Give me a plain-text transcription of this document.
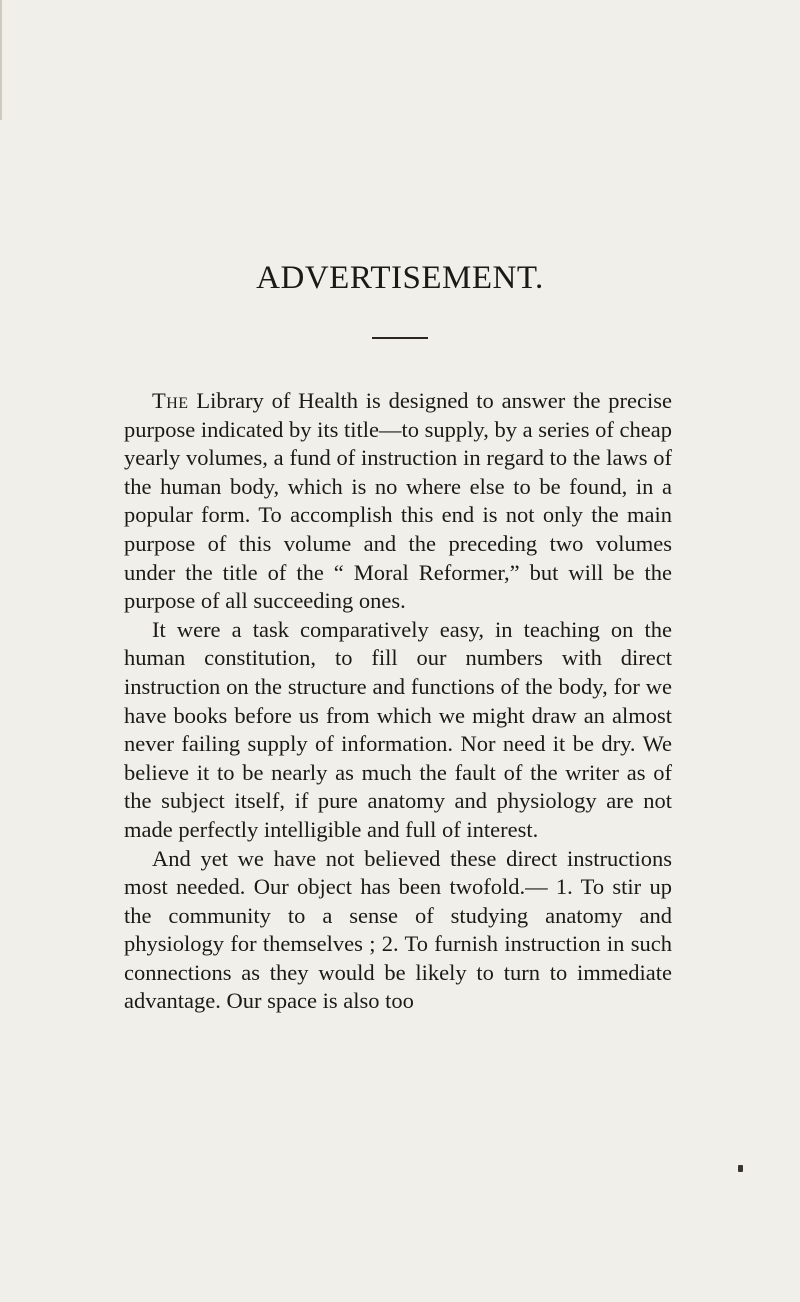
ADVERTISEMENT.

The Library of Health is designed to answer the precise purpose indicated by its title—to supply, by a series of cheap yearly volumes, a fund of instruction in regard to the laws of the human body, which is no where else to be found, in a popular form. To accomplish this end is not only the main purpose of this volume and the preceding two volumes under the title of the “ Moral Reformer,” but will be the purpose of all succeeding ones.

It were a task comparatively easy, in teaching on the human constitution, to fill our numbers with direct instruction on the structure and functions of the body, for we have books before us from which we might draw an almost never failing supply of information. Nor need it be dry. We believe it to be nearly as much the fault of the writer as of the subject itself, if pure anatomy and physiology are not made perfectly intelligible and full of interest.

And yet we have not believed these direct instructions most needed. Our object has been twofold.— 1. To stir up the community to a sense of studying anatomy and physiology for themselves ; 2. To furnish instruction in such connections as they would be likely to turn to immediate advantage. Our space is also too
